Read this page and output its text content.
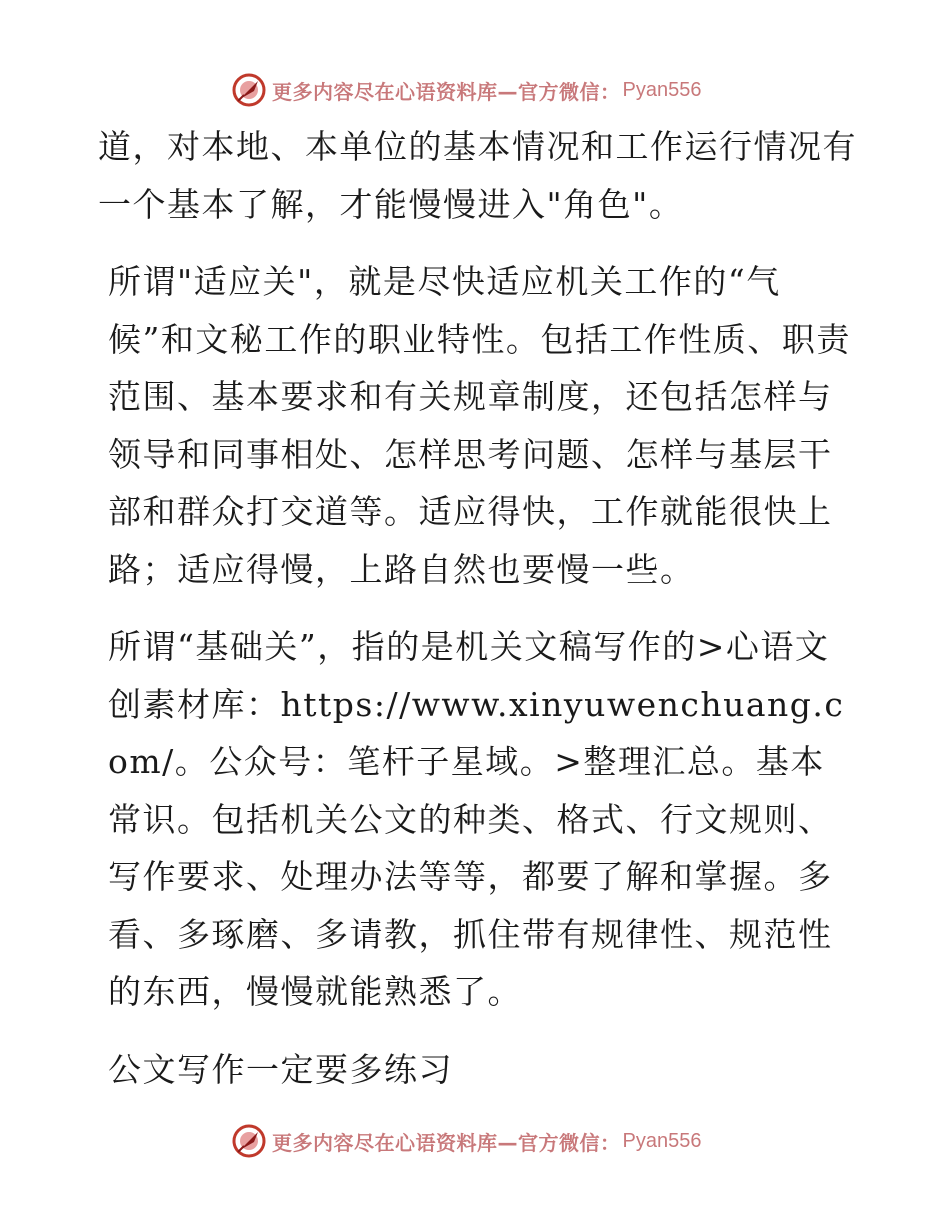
更多内容尽在心语资料库—官方微信： Pyan556

道，对本地、本单位的基本情况和工作运行情况有一个基本了解，才能慢慢进入"角色"。

所谓"适应关"，就是尽快适应机关工作的“气候”和文秘工作的职业特性。包括工作性质、职责范围、基本要求和有关规章制度，还包括怎样与领导和同事相处、怎样思考问题、怎样与基层干部和群众打交道等。适应得快，工作就能很快上路；适应得慢，上路自然也要慢一些。

所谓“基础关”，指的是机关文稿写作的>心语文创素材库：https://www.xinyuwenchuang.com/。公众号：笔杆子星域。>整理汇总。基本常识。包括机关公文的种类、格式、行文规则、写作要求、处理办法等等，都要了解和掌握。多看、多琢磨、多请教，抓住带有规律性、规范性的东西，慢慢就能熟悉了。

公文写作一定要多练习

更多内容尽在心语资料库—官方微信： Pyan556
